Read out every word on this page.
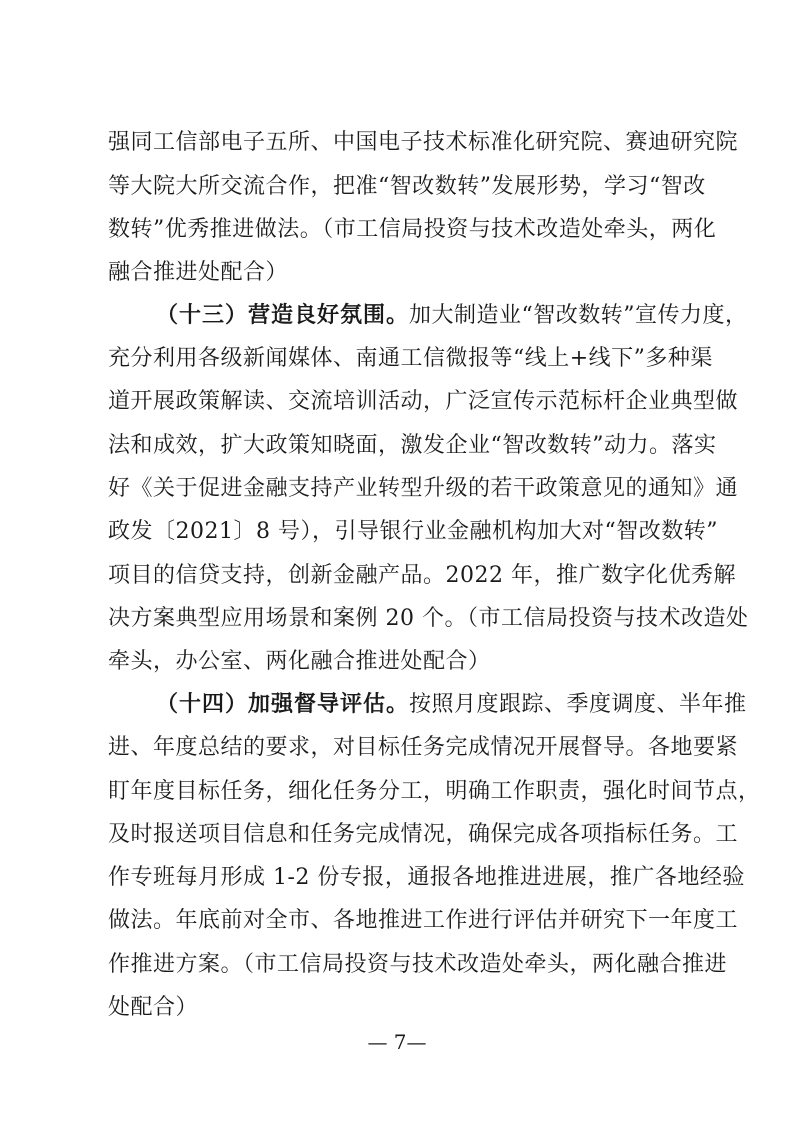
强同工信部电子五所、中国电子技术标准化研究院、赛迪研究院
等大院大所交流合作，把准“智改数转”发展形势，学习“智改
数转”优秀推进做法。（市工信局投资与技术改造处牵头，两化
融合推进处配合）
（十三）营造良好氛围。 加大制造业“智改数转”宣传力度，
充分利用各级新闻媒体、南通工信微报等“线上+线下”多种渠
道开展政策解读、交流培训活动，广泛宣传示范标杆企业典型做
法和成效，扩大政策知晓面，激发企业“智改数转”动力。落实
好《关于促进金融支持产业转型升级的若干政策意见的通知》通
政发〔2021〕8 号），引导银行业金融机构加大对“智改数转”
项目的信贷支持，创新金融产品。2022 年，推广数字化优秀解
决方案典型应用场景和案例 20 个。（市工信局投资与技术改造处
牵头，办公室、两化融合推进处配合）
（十四）加强督导评估。 按照月度跟踪、季度调度、半年推
进、年度总结的要求，对目标任务完成情况开展督导。各地要紧
盯年度目标任务，细化任务分工，明确工作职责，强化时间节点，
及时报送项目信息和任务完成情况，确保完成各项指标任务。工
作专班每月形成 1-2 份专报，通报各地推进进展，推广各地经验
做法。年底前对全市、各地推进工作进行评估并研究下一年度工
作推进方案。（市工信局投资与技术改造处牵头，两化融合推进
处配合）
— 7—
